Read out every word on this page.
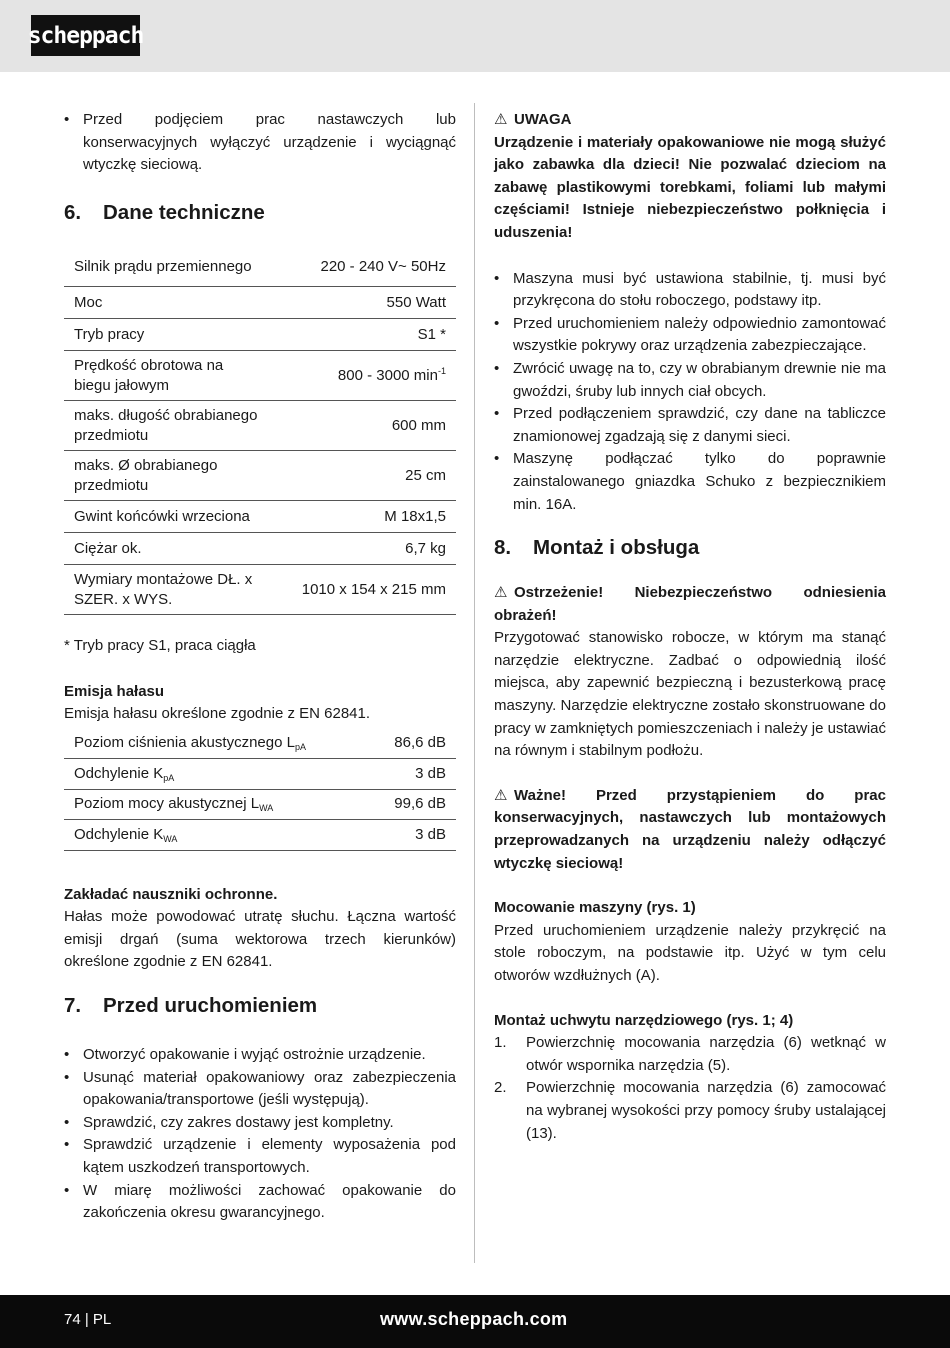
scheppach
• Przed podjęciem prac nastawczych lub konserwacyjnych wyłączyć urządzenie i wyciągnąć wtyczkę sieciową.
6.	Dane techniczne
Silnik prądu przemiennego	220 - 240 V~ 50Hz
Moc	550 Watt
Tryb pracy	S1 *
Prędkość obrotowa na biegu jałowym	800 - 3000 $\min^{-1}$
maks. długość obrabianego przedmiotu	600 mm
maks. Ø obrabianego przedmiotu	25 cm
Gwint końcówki wrzeciona	M 18x1,5
Ciężar ok.	6,7 kg
Wymiary montażowe DŁ. x SZER. x WYS.	1010 x 154 x 215 mm

* Tryb pracy S1, praca ciągła

Emisja hałasu

Emisja hałasu określone zgodnie z EN 62841.

Poziom ciśnienia akustycznego $L_{pA}$	86,6 dB
Odchylenie $K_{pA}$	3 dB
Poziom mocy akustycznej $L_{WA}$	99,6 dB
Odchylenie $K_{WA}$	3 dB

Zakładać nauszniki ochronne.

Hałas może powodować utratę słuchu. Łączna wartość emisji drgań (suma wektorowa trzech kierunków) określone zgodnie z EN 62841.

7.	Przed uruchomieniem
• Otworzyć opakowanie i wyjąć ostrożnie urządzenie.
• Usunąć materiał opakowaniowy oraz zabezpieczenia opakowania/transportowe (jeśli występują).
• Sprawdzić, czy zakres dostawy jest kompletny.
• Sprawdzić urządzenie i elementy wyposażenia pod kątem uszkodzeń transportowych.
• W miarę możliwości zachować opakowanie do zakończenia okresu gwarancyjnego.

⚠ UWAGA

Urządzenie i materiały opakowaniowe nie mogą służyć jako zabawka dla dzieci! Nie pozwalać dzieciom na zabawę plastikowymi torebkami, foliami lub małymi częściami! Istnieje niebezpieczeństwo połknięcia i uduszenia!

• Maszyna musi być ustawiona stabilnie, tj. musi być przykręcona do stołu roboczego, podstawy itp.
• Przed uruchomieniem należy odpowiednio zamontować wszystkie pokrywy oraz urządzenia zabezpieczające.
• Zwrócić uwagę na to, czy w obrabianym drewnie nie ma gwoździ, śruby lub innych ciał obcych.
• Przed podłączeniem sprawdzić, czy dane na tabliczce znamionowej zgadzają się z danymi sieci.
• Maszynę podłączać tylko do poprawnie zainstalowanego gniazdka Schuko z bezpiecznikiem min. 16A.
8.	Montaż i obsługa

⚠ Ostrzeżenie! Niebezpieczeństwo odniesienia obrażeń!

Przygotować stanowisko robocze, w którym ma stanąć narzędzie elektryczne. Zadbać o odpowiednią ilość miejsca, aby zapewnić bezpieczną i bezusterkową pracę maszyny. Narzędzie elektryczne zostało skonstruowane do pracy w zamkniętych pomieszczeniach i należy je ustawiać na równym i stabilnym podłożu.

⚠ Ważne! Przed przystąpieniem do prac konserwacyjnych, nastawczych lub montażowych przeprowadzanych na urządzeniu należy odłączyć wtyczkę sieciową!

Mocowanie maszyny (rys. 1)

Przed uruchomieniem urządzenie należy przykręcić na stole roboczym, na podstawie itp. Użyć w tym celu otworów wzdłużnych (A).

Montaż uchwytu narzędziowego (rys. 1; 4)

1. Powierzchnię mocowania narzędzia (6) wetknąć w otwór wspornika narzędzia (5).
2. Powierzchnię mocowania narzędzia (6) zamocować na wybranej wysokości przy pomocy śruby ustalającej (13).
74 | PL	www.scheppach.com
